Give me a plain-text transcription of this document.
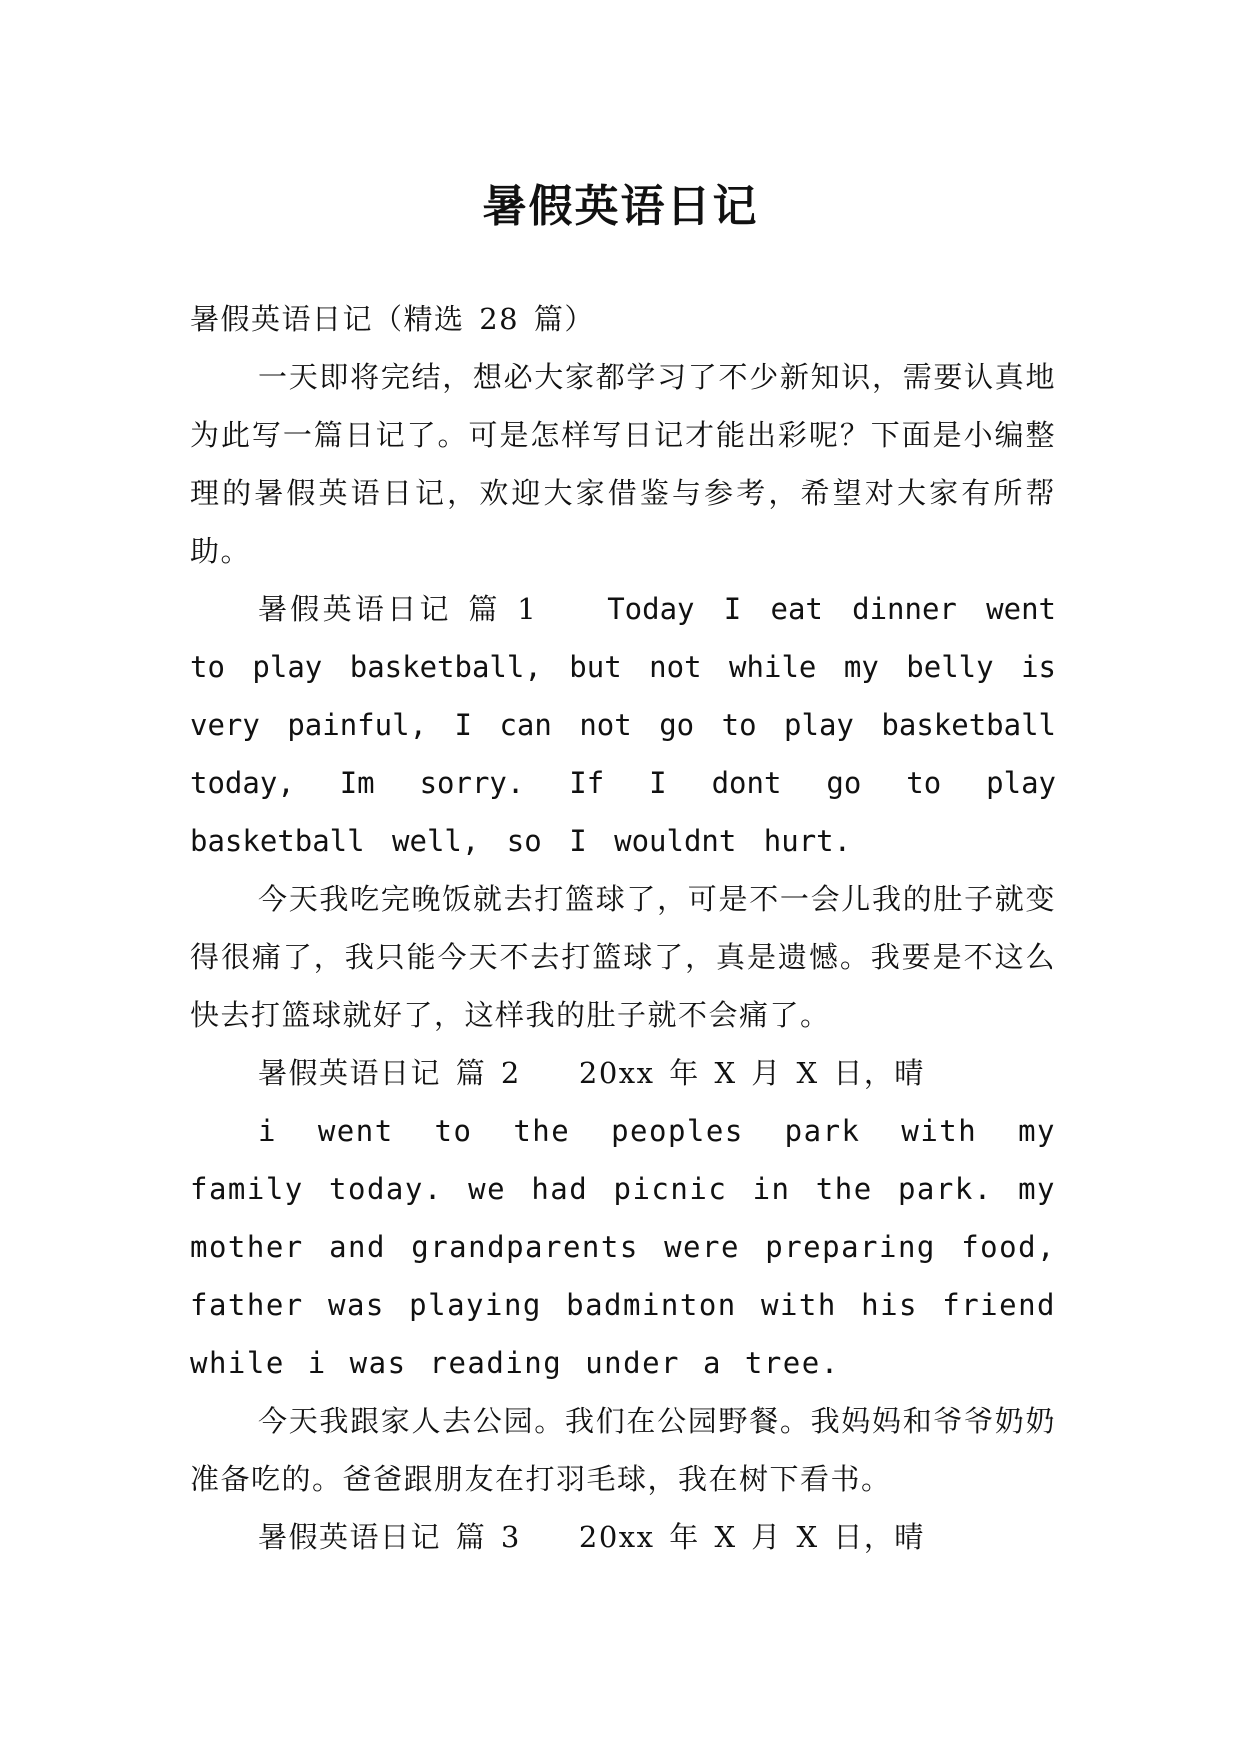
暑假英语日记

暑假英语日记（精选 28 篇）

一天即将完结，想必大家都学习了不少新知识，需要认真地为此写一篇日记了。可是怎样写日记才能出彩呢？下面是小编整理的暑假英语日记，欢迎大家借鉴与参考，希望对大家有所帮助。

暑假英语日记 篇 1 Today I eat dinner went to play basketball, but not while my belly is very painful, I can not go to play basketball today, Im sorry. If I dont go to play basketball well, so I wouldnt hurt.

今天我吃完晚饭就去打篮球了，可是不一会儿我的肚子就变得很痛了，我只能今天不去打篮球了，真是遗憾。我要是不这么快去打篮球就好了，这样我的肚子就不会痛了。

暑假英语日记 篇 2 20xx 年 X 月 X 日，晴

i went to the peoples park with my family today. we had picnic in the park. my mother and grandparents were preparing food, father was playing badminton with his friend while i was reading under a tree.

今天我跟家人去公园。我们在公园野餐。我妈妈和爷爷奶奶准备吃的。爸爸跟朋友在打羽毛球，我在树下看书。

暑假英语日记 篇 3 20xx 年 X 月 X 日，晴
